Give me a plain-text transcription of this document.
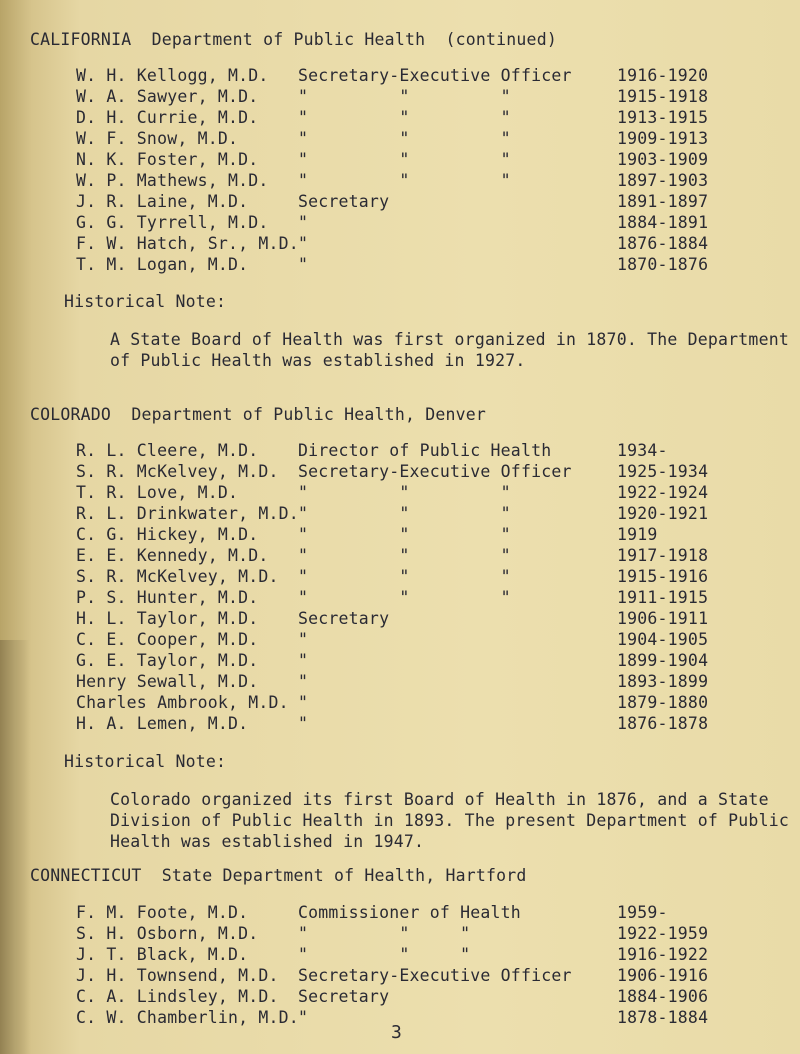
CALIFORNIA  Department of Public Health  (continued)
W. H. Kellogg, M.D. Secretary-Executive Officer	1916-1920
W. A. Sawyer, M.D. "         "         "	1915-1918
D. H. Currie, M.D. "         "         "	1913-1915
W. F. Snow, M.D.	"         "         "	1909-1913
N. K. Foster, M.D. "         "         "	1903-1909
W. P. Mathews, M.D. "         "         "	1897-1903
J. R. Laine, M.D.	Secretary	1891-1897
G. G. Tyrrell, M.D. "	1884-1891
F. W. Hatch, Sr., M.D. "	1876-1884
T. M. Logan, M.D.	"	1870-1876
Historical Note:
A State Board of Health was first organized in 1870. The Department of Public Health was established in 1927.
COLORADO  Department of Public Health, Denver
R. L. Cleere, M.D. Director of Public Health	1934-
S. R. McKelvey, M.D. Secretary-Executive Officer	1925-1934
T. R. Love, M.D.	"         "         "	1922-1924
R. L. Drinkwater, M.D. "         "         "	1920-1921
C. G. Hickey, M.D. "         "         "	1919
E. E. Kennedy, M.D. "         "         "	1917-1918
S. R. McKelvey, M.D. "         "         "	1915-1916
P. S. Hunter, M.D. "         "         "	1911-1915
H. L. Taylor, M.D. Secretary	1906-1911
C. E. Cooper, M.D. "	1904-1905
G. E. Taylor, M.D. "	1899-1904
Henry Sewall, M.D. "	1893-1899
Charles Ambrook, M.D. "	1879-1880
H. A. Lemen, M.D.	"	1876-1878
Historical Note:
Colorado organized its first Board of Health in 1876, and a State Division of Public Health in 1893. The present Department of Public Health was established in 1947.
CONNECTICUT  State Department of Health, Hartford
F. M. Foote, M.D.	Commissioner of Health	1959-
S. H. Osborn, M.D. "         "     "	1922-1959
J. T. Black, M.D.	"         "     "	1916-1922
J. H. Townsend, M.D. Secretary-Executive Officer	1906-1916
C. A. Lindsley, M.D. Secretary	1884-1906
C. W. Chamberlin, M.D. "	1878-1884
3
